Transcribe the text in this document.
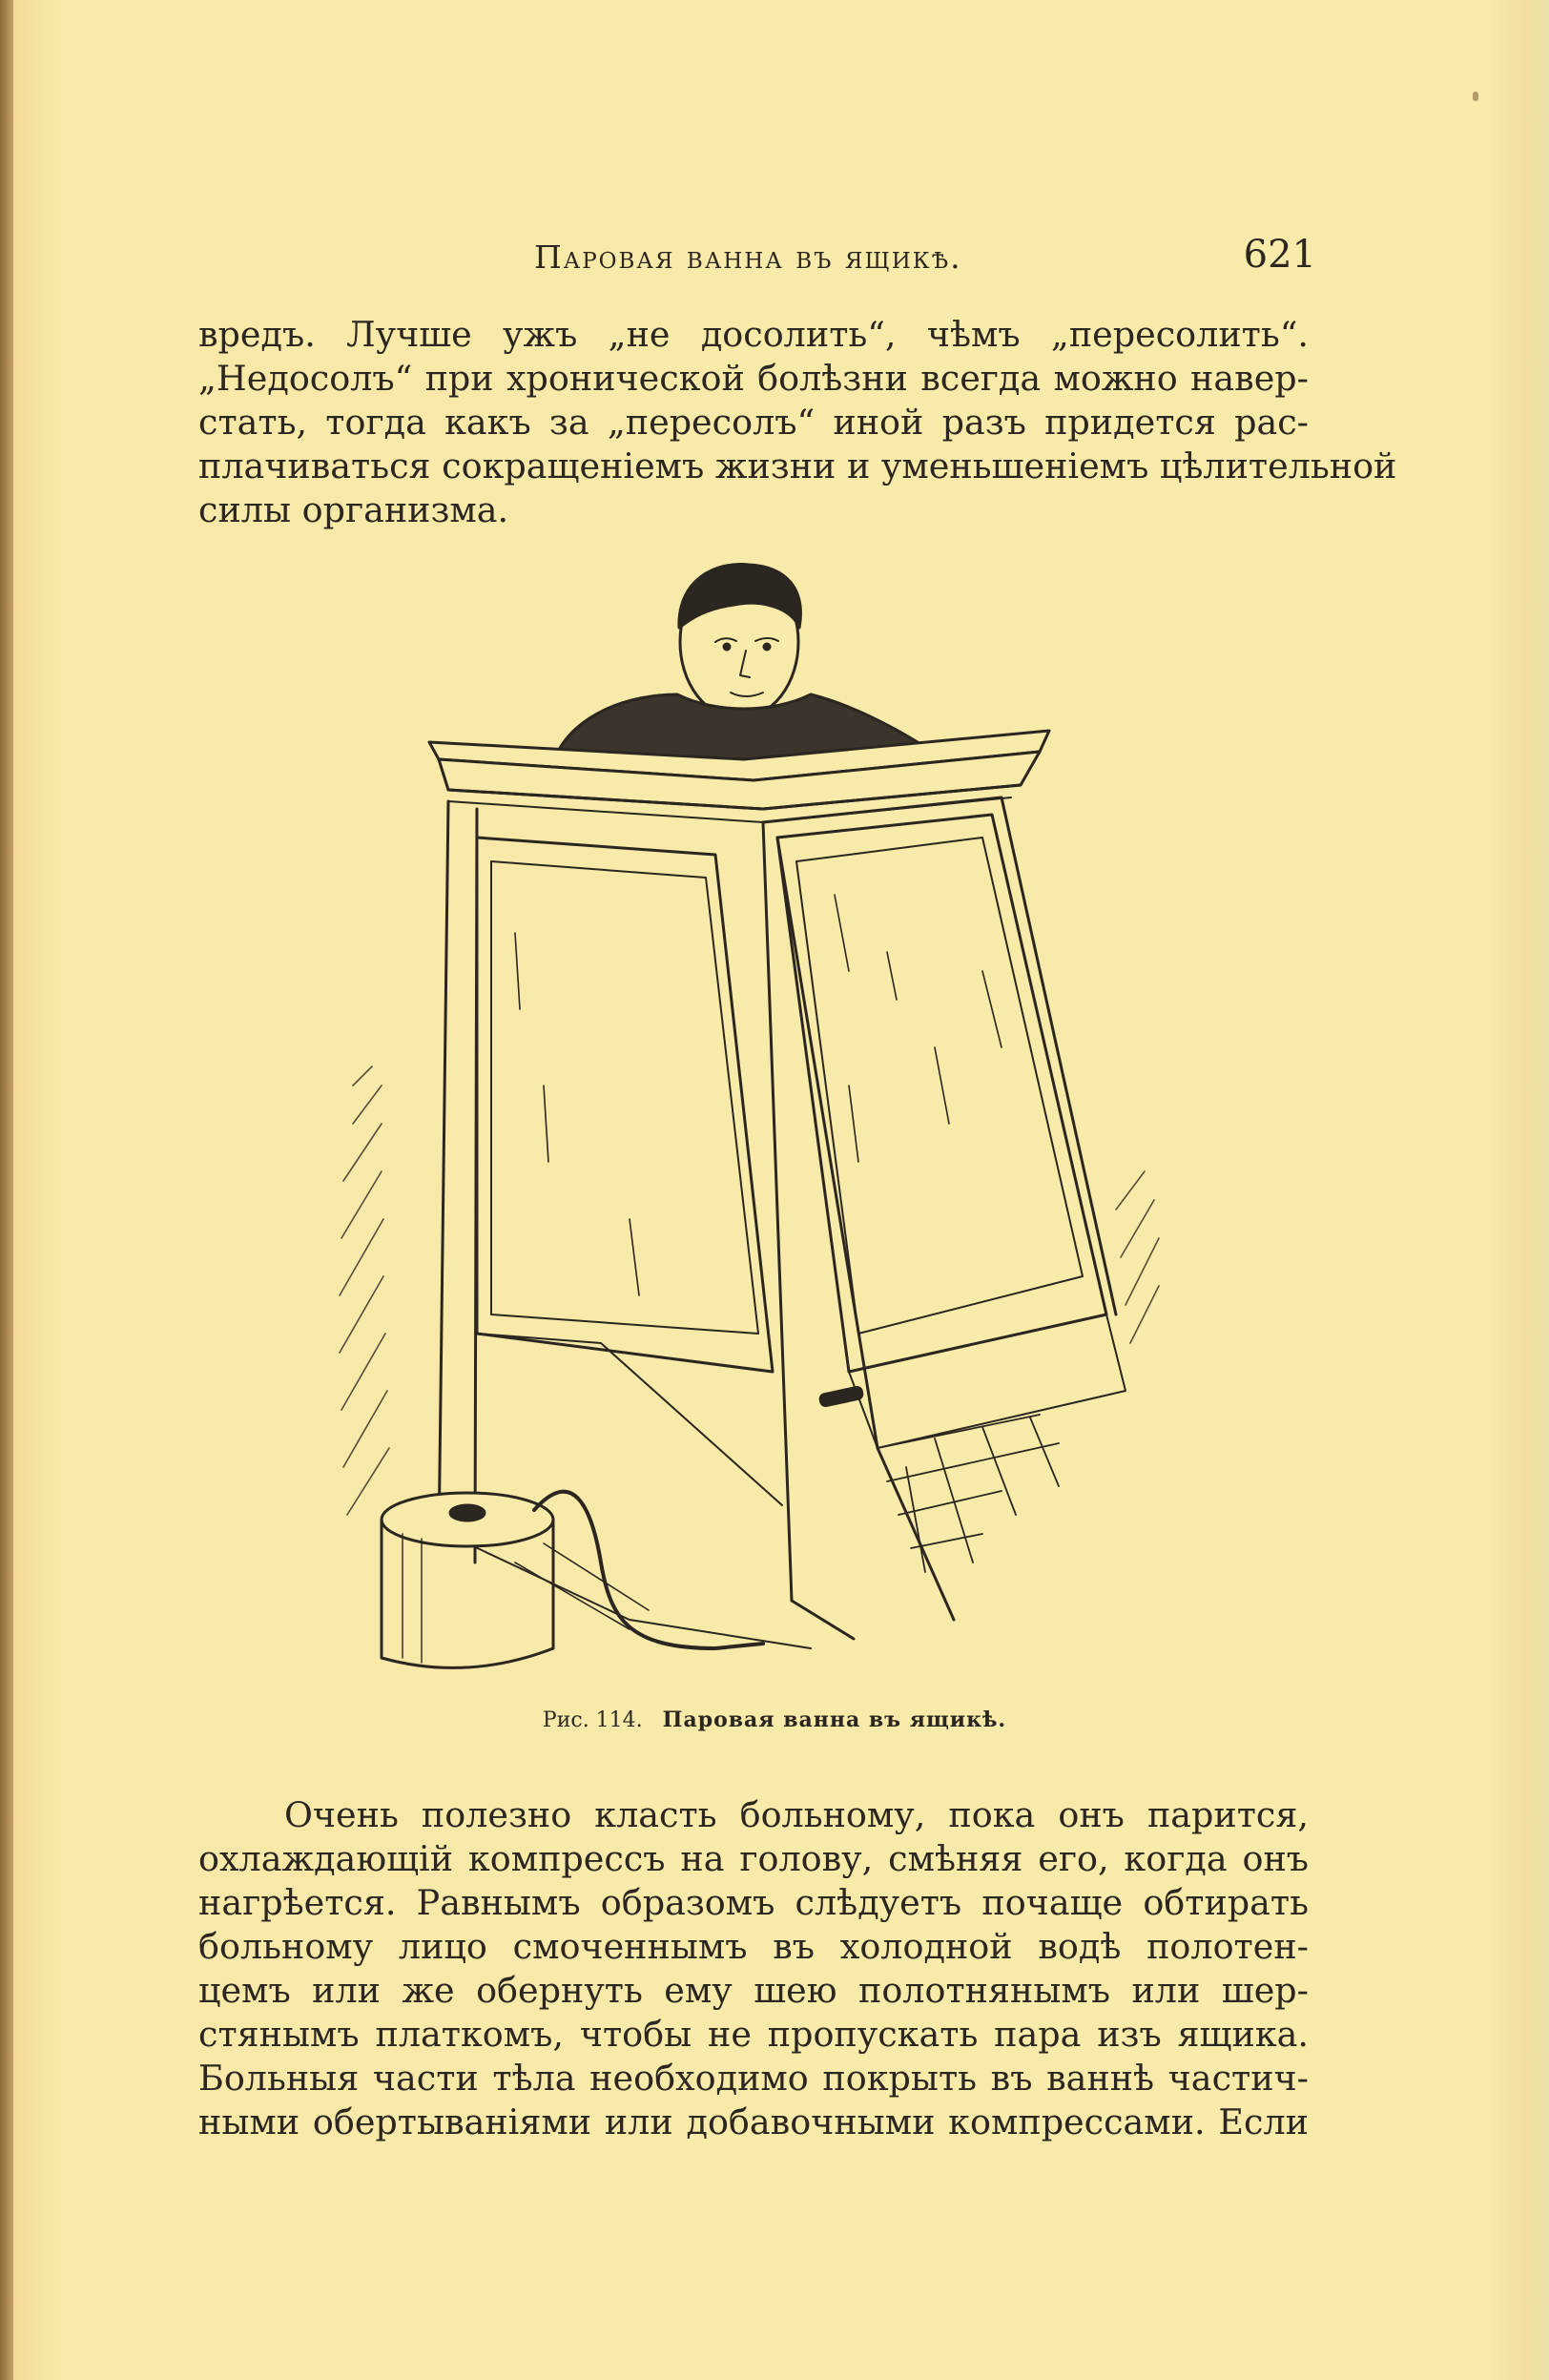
Паровая ванна въ ящикѣ.	621
вредъ. Лучше ужъ „не досолить“, чѣмъ „пересолить“.
„Недосолъ“ при хронической болѣзни всегда можно навер-
стать, тогда какъ за „пересолъ“ иной разъ придется рас-
плачиваться сокращеніемъ жизни и уменьшеніемъ цѣлительной
силы организма.
Рис. 114. Паровая ванна въ ящикѣ.
Очень полезно класть больному, пока онъ парится,
охлаждающій компрессъ на голову, смѣняя его, когда онъ
нагрѣется. Равнымъ образомъ слѣдуетъ почаще обтирать
больному лицо смоченнымъ въ холодной водѣ полотен-
цемъ или же обернуть ему шею полотнянымъ или шер-
стянымъ платкомъ, чтобы не пропускать пара изъ ящика.
Больныя части тѣла необходимо покрыть въ ваннѣ частич-
ными обертываніями или добавочными компрессами. Если
